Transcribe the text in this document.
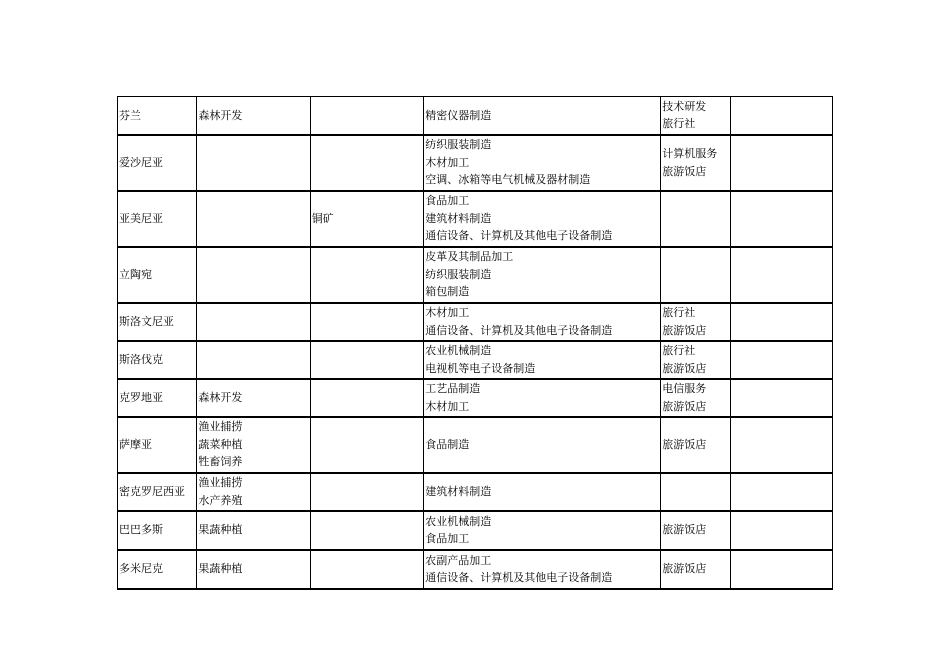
芬兰	森林开发		精密仪器制造	技术研发
旅行社	

爱沙尼亚			纺织服装制造
木材加工
空调、冰箱等电气机械及器材制造	计算机服务
旅游饭店	

亚美尼亚		铜矿	食品加工
建筑材料制造
通信设备、计算机及其他电子设备制造		

立陶宛			皮革及其制品加工
纺织服装制造
箱包制造		

斯洛文尼亚			木材加工
通信设备、计算机及其他电子设备制造	旅行社
旅游饭店	

斯洛伐克			农业机械制造
电视机等电子设备制造	旅行社
旅游饭店	

克罗地亚	森林开发		工艺品制造
木材加工	电信服务
旅游饭店	

萨摩亚	渔业捕捞
蔬菜种植
牲畜饲养		食品制造	旅游饭店	

密克罗尼西亚	渔业捕捞
水产养殖		建筑材料制造		

巴巴多斯	果蔬种植		农业机械制造
食品加工	旅游饭店	

多米尼克	果蔬种植		农副产品加工
通信设备、计算机及其他电子设备制造	旅游饭店	
